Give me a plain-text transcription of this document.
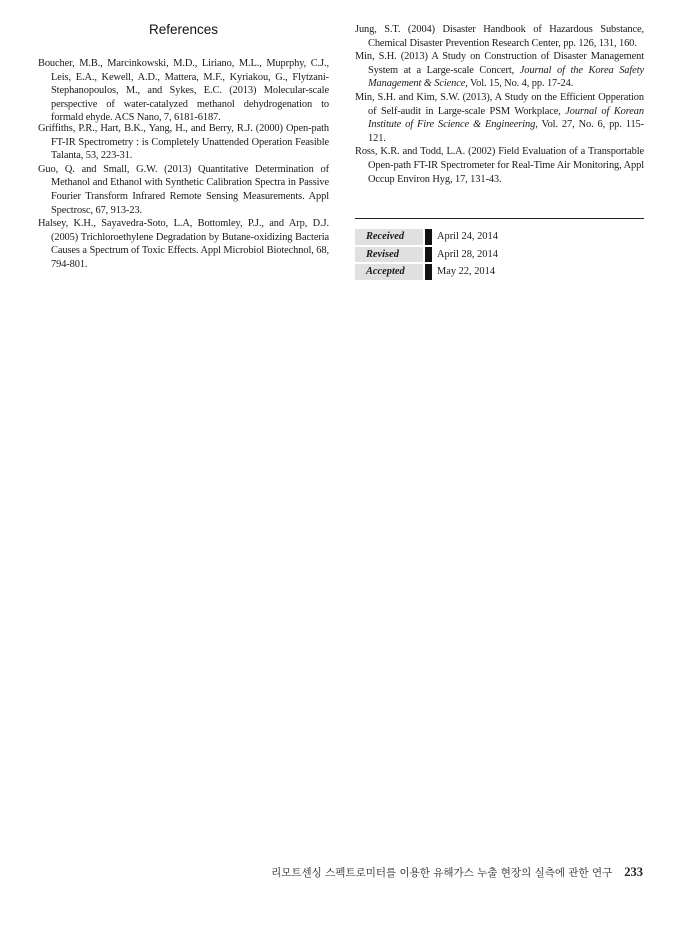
References

Boucher, M.B., Marcinkowski, M.D., Liriano, M.L., Muprphy, C.J., Leis, E.A., Kewell, A.D., Mattera, M.F., Kyriakou, G., Flytzani-Stephanopoulos, M., and Sykes, E.C. (2013) Molecular-scale perspective of water-catalyzed methanol dehydrogenation to formald ehyde. ACS Nano, 7, 6181-6187.

Griffiths, P.R., Hart, B.K., Yang, H., and Berry, R.J. (2000) Open-path FT-IR Spectrometry : is Completely Unattended Operation Feasible Talanta, 53, 223-31.

Guo, Q. and Small, G.W. (2013) Quantitative Determination of Methanol and Ethanol with Synthetic Calibration Spectra in Passive Fourier Transform Infrared Remote Sensing Measurements. Appl Spectrosc, 67, 913-23.

Halsey, K.H., Sayavedra-Soto, L.A, Bottomley, P.J., and Arp, D.J. (2005) Trichloroethylene Degradation by Butane-oxidizing Bacteria Causes a Spectrum of Toxic Effects. Appl Microbiol Biotechnol, 68, 794-801.

Jung, S.T. (2004) Disaster Handbook of Hazardous Substance, Chemical Disaster Prevention Research Center, pp. 126, 131, 160.

Min, S.H. (2013) A Study on Construction of Disaster Management System at a Large-scale Concert, Journal of the Korea Safety Management & Science, Vol. 15, No. 4, pp. 17-24.

Min, S.H. and Kim, S.W. (2013), A Study on the Efficient Opperation of Self-audit in Large-scale PSM Workplace, Journal of Korean Institute of Fire Science & Engineering, Vol. 27, No. 6, pp. 115-121.

Ross, K.R. and Todd, L.A. (2002) Field Evaluation of a Transportable Open-path FT-IR Spectrometer for Real-Time Air Monitoring, Appl Occup Environ Hyg, 17, 131-43.

Received	April 24, 2014
Revised	April 28, 2014
Accepted	May 22, 2014
리모트센싱 스펙트로미터를 이용한 유해가스 누출 현장의 실측에 관한 연구 233
